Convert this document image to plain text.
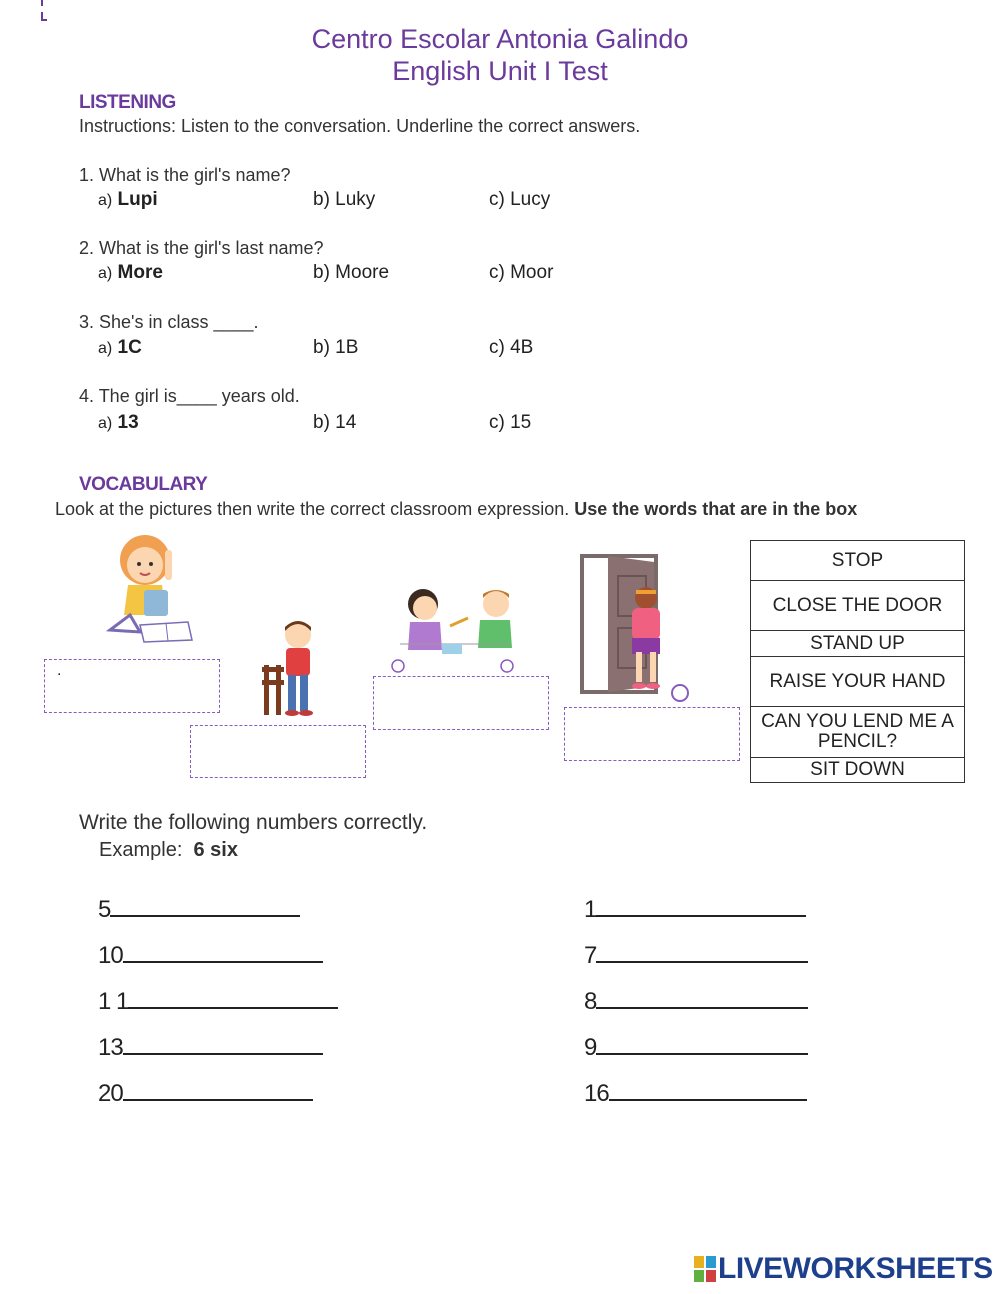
Centro Escolar Antonia Galindo
English Unit I Test
LISTENING
Instructions: Listen to the conversation. Underline the correct answers.
1. What is the girl's name?
a) Lupi	b) Luky	c) Lucy
2. What is the girl's last name?
a) More	b) Moore	c) Moor
3. She's in class ____.
a) 1C	b) 1B	c) 4B
4. The girl is____ years old.
a) 13	b) 14	c) 15
VOCABULARY
Look at the pictures then write the correct classroom expression. Use the words that are in the box
.
STOP
CLOSE THE DOOR
STAND UP
RAISE YOUR HAND
CAN YOU LEND ME A PENCIL?
SIT DOWN
Write the following numbers correctly.
Example: 6 six
5
10
1 1
13
20
1
7
8
9
16
LIVEWORKSHEETS
